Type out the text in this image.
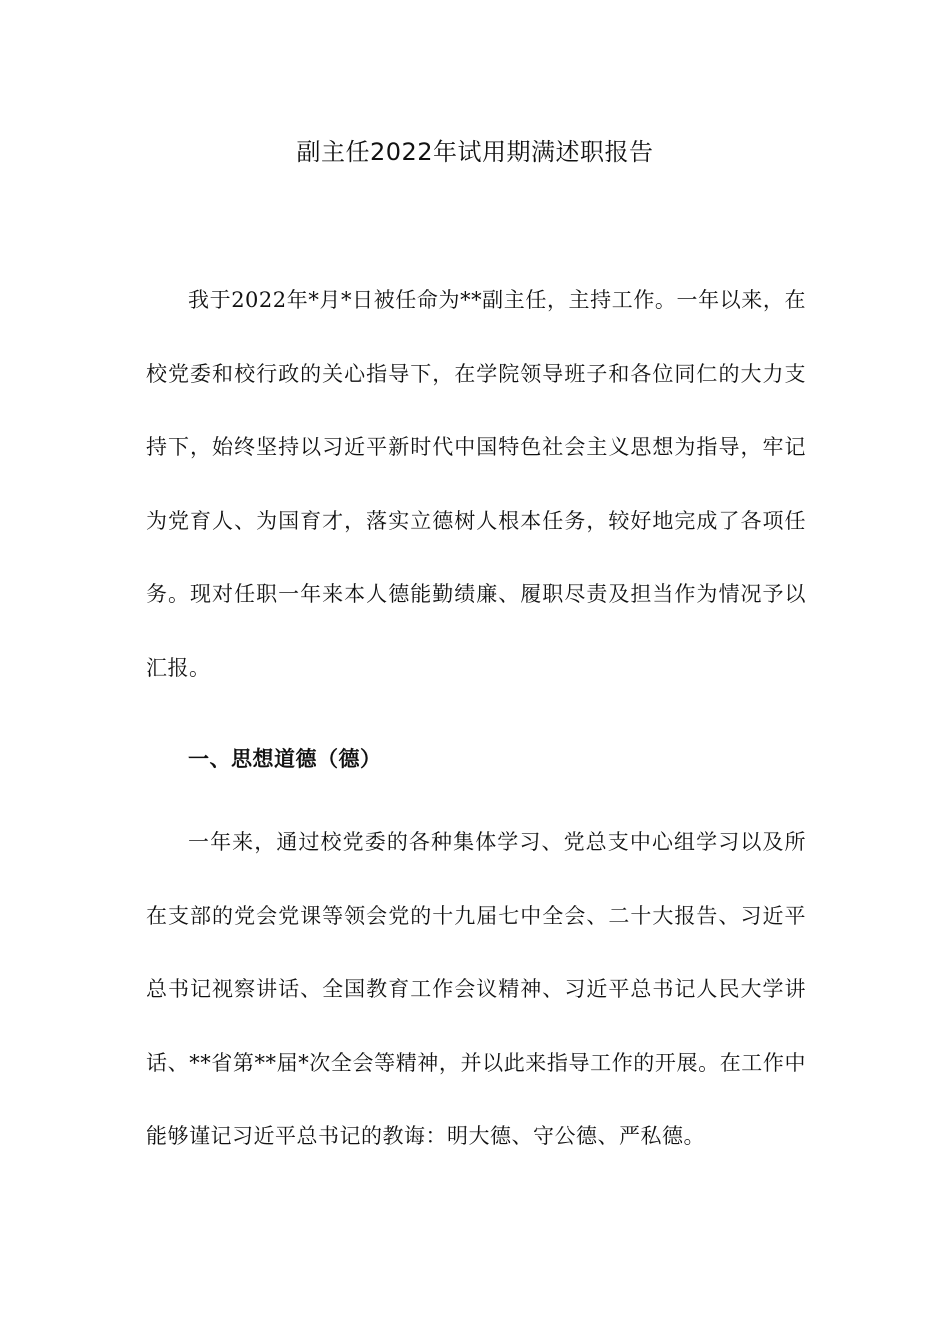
副主任2022年试用期满述职报告

我于2022年*月*日被任命为**副主任，主持工作。一年以来，在校党委和校行政的关心指导下，在学院领导班子和各位同仁的大力支持下，始终坚持以习近平新时代中国特色社会主义思想为指导，牢记为党育人、为国育才，落实立德树人根本任务，较好地完成了各项任务。现对任职一年来本人德能勤绩廉、履职尽责及担当作为情况予以汇报。

一、思想道德（德）

一年来，通过校党委的各种集体学习、党总支中心组学习以及所在支部的党会党课等领会党的十九届七中全会、二十大报告、习近平总书记视察讲话、全国教育工作会议精神、习近平总书记人民大学讲话、**省第**届*次全会等精神，并以此来指导工作的开展。在工作中能够谨记习近平总书记的教诲：明大德、守公德、严私德。
